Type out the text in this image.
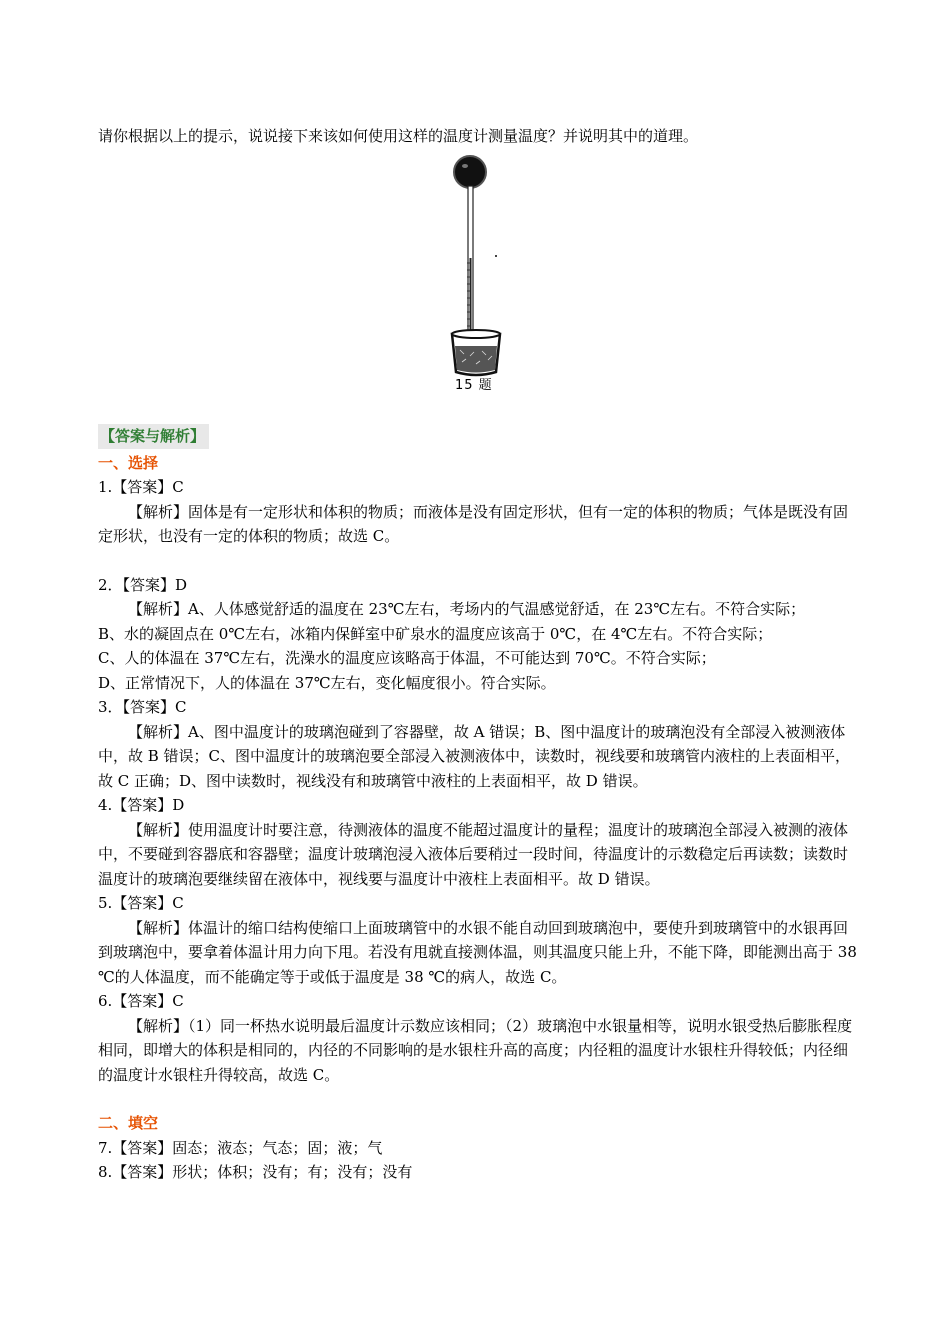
请你根据以上的提示，说说接下来该如何使用这样的温度计测量温度？并说明其中的道理。
15 题
【答案与解析】
一、选择

1.【答案】C

【解析】固体是有一定形状和体积的物质；而液体是没有固定形状，但有一定的体积的物质；气体是既没有固定形状，也没有一定的体积的物质；故选 C。

2．【答案】D

【解析】A、人体感觉舒适的温度在 23℃左右，考场内的气温感觉舒适，在 23℃左右。不符合实际；

B、水的凝固点在 0℃左右，冰箱内保鲜室中矿泉水的温度应该高于 0℃，在 4℃左右。不符合实际；

C、人的体温在 37℃左右，洗澡水的温度应该略高于体温，不可能达到 70℃。不符合实际；

D、正常情况下，人的体温在 37℃左右，变化幅度很小。符合实际。

3．【答案】C

【解析】A、图中温度计的玻璃泡碰到了容器壁，故 A 错误；B、图中温度计的玻璃泡没有全部浸入被测液体中，故 B 错误；C、图中温度计的玻璃泡要全部浸入被测液体中，读数时，视线要和玻璃管内液柱的上表面相平，故 C 正确；D、图中读数时，视线没有和玻璃管中液柱的上表面相平，故 D 错误。

4.【答案】D

【解析】使用温度计时要注意，待测液体的温度不能超过温度计的量程；温度计的玻璃泡全部浸入被测的液体中，不要碰到容器底和容器壁；温度计玻璃泡浸入液体后要稍过一段时间，待温度计的示数稳定后再读数；读数时温度计的玻璃泡要继续留在液体中，视线要与温度计中液柱上表面相平。故 D 错误。

5.【答案】C

【解析】体温计的缩口结构使缩口上面玻璃管中的水银不能自动回到玻璃泡中，要使升到玻璃管中的水银再回到玻璃泡中，要拿着体温计用力向下甩。若没有甩就直接测体温，则其温度只能上升，不能下降，即能测出高于 38 ℃的人体温度，而不能确定等于或低于温度是 38 ℃的病人，故选 C。

6.【答案】C

【解析】（1）同一杯热水说明最后温度计示数应该相同；（2）玻璃泡中水银量相等，说明水银受热后膨胀程度相同，即增大的体积是相同的，内径的不同影响的是水银柱升高的高度；内径粗的温度计水银柱升得较低；内径细的温度计水银柱升得较高，故选 C。

二、填空

7.【答案】固态；液态；气态；固；液；气

8.【答案】形状；体积；没有；有；没有；没有
